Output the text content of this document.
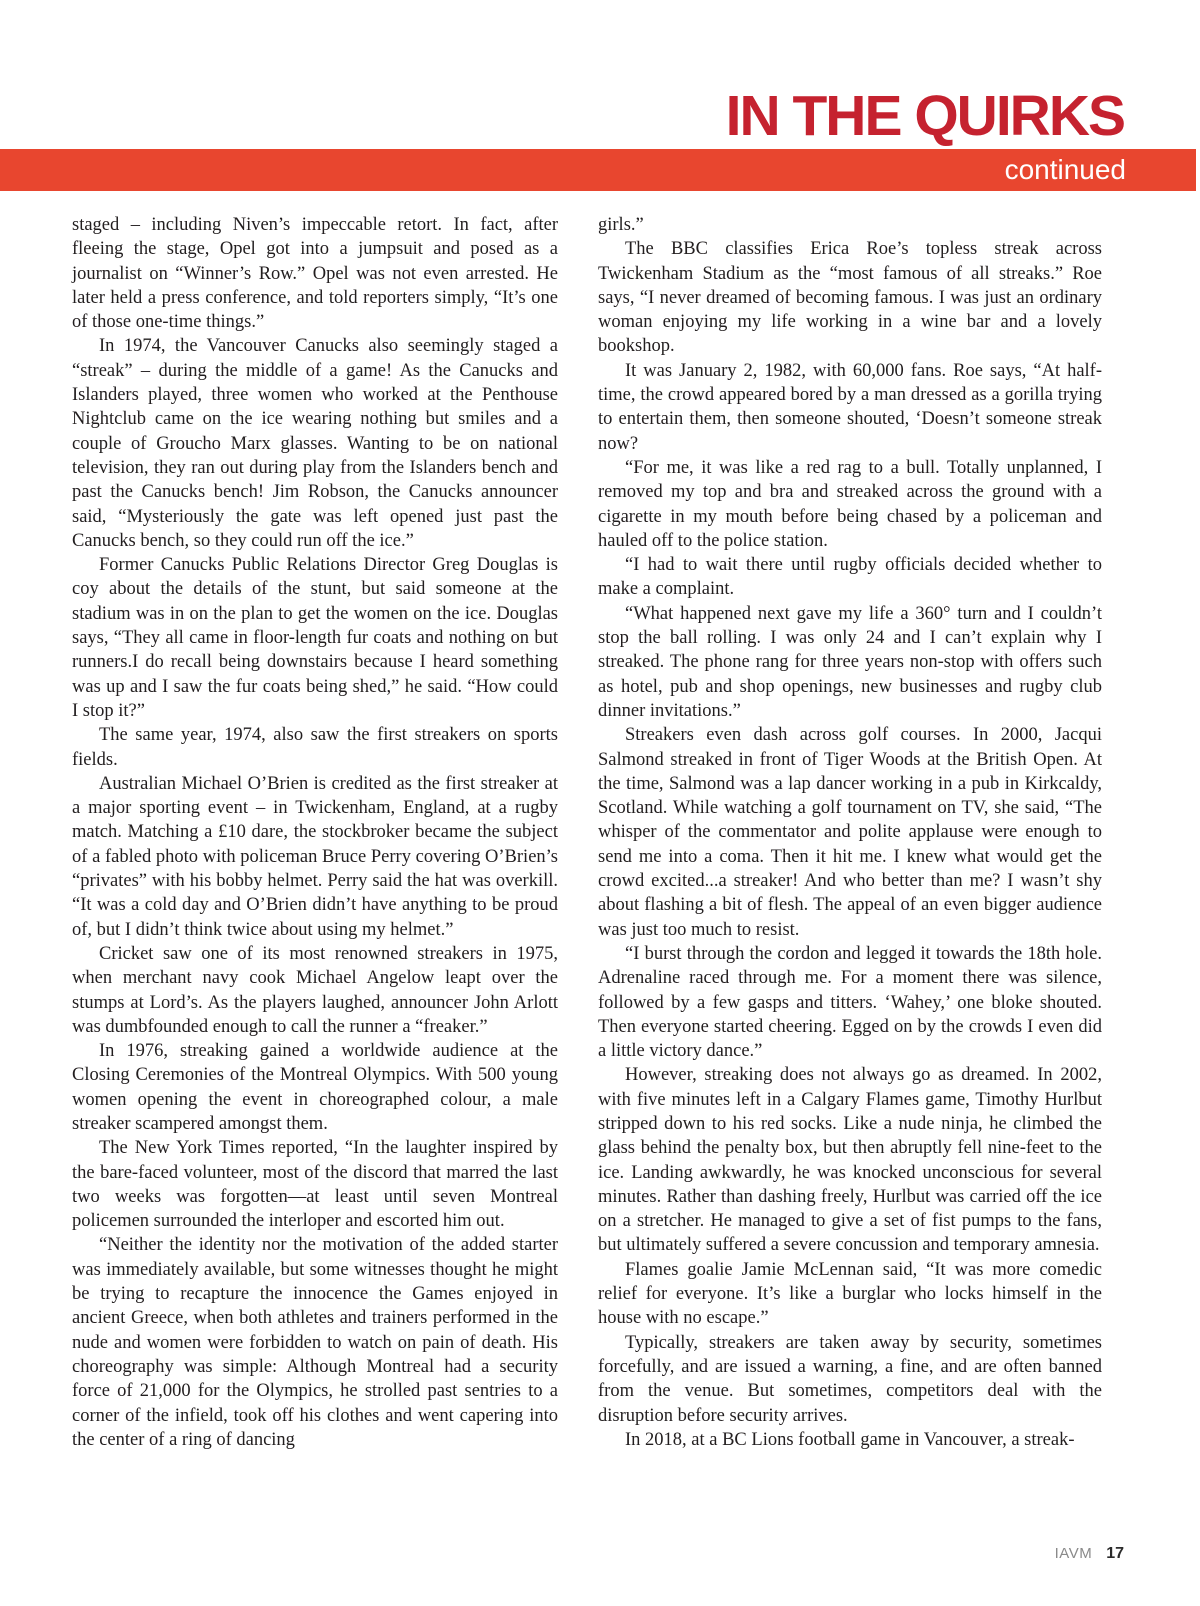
IN THE QUIRKS
continued

staged – including Niven’s impeccable retort. In fact, after fleeing the stage, Opel got into a jumpsuit and posed as a journalist on “Winner’s Row.” Opel was not even arrested. He later held a press conference, and told reporters simply, “It’s one of those one-time things.”

In 1974, the Vancouver Canucks also seemingly staged a “streak” – during the middle of a game! As the Canucks and Islanders played, three women who worked at the Penthouse Nightclub came on the ice wearing nothing but smiles and a couple of Groucho Marx glasses. Wanting to be on national television, they ran out during play from the Islanders bench and past the Canucks bench! Jim Robson, the Canucks announcer said, “Mysteriously the gate was left opened just past the Canucks bench, so they could run off the ice.”

Former Canucks Public Relations Director Greg Douglas is coy about the details of the stunt, but said someone at the stadium was in on the plan to get the women on the ice. Douglas says, “They all came in floor-length fur coats and nothing on but runners.I do recall being downstairs because I heard something was up and I saw the fur coats being shed,” he said. “How could I stop it?”

The same year, 1974, also saw the first streakers on sports fields.

Australian Michael O’Brien is credited as the first streaker at a major sporting event – in Twickenham, England, at a rugby match. Matching a £10 dare, the stockbroker became the subject of a fabled photo with policeman Bruce Perry covering O’Brien’s “privates” with his bobby helmet. Perry said the hat was overkill. “It was a cold day and O’Brien didn’t have anything to be proud of, but I didn’t think twice about using my helmet.”

Cricket saw one of its most renowned streakers in 1975, when merchant navy cook Michael Angelow leapt over the stumps at Lord’s. As the players laughed, announcer John Arlott was dumbfounded enough to call the runner a “freaker.”

In 1976, streaking gained a worldwide audience at the Closing Ceremonies of the Montreal Olympics. With 500 young women opening the event in choreographed colour, a male streaker scampered amongst them.

The New York Times reported, “In the laughter inspired by the bare-faced volunteer, most of the discord that marred the last two weeks was forgotten—at least until seven Montreal policemen surrounded the interloper and escorted him out.

“Neither the identity nor the motivation of the added starter was immediately available, but some witnesses thought he might be trying to recapture the innocence the Games enjoyed in ancient Greece, when both athletes and trainers performed in the nude and women were forbidden to watch on pain of death. His choreography was simple: Although Montreal had a security force of 21,000 for the Olympics, he strolled past sentries to a corner of the infield, took off his clothes and went capering into the center of a ring of dancing

girls.”

The BBC classifies Erica Roe’s topless streak across Twickenham Stadium as the “most famous of all streaks.” Roe says, “I never dreamed of becoming famous. I was just an ordinary woman enjoying my life working in a wine bar and a lovely bookshop.

It was January 2, 1982, with 60,000 fans. Roe says, “At half-time, the crowd appeared bored by a man dressed as a gorilla trying to entertain them, then someone shouted, ‘Doesn’t someone streak now?

“For me, it was like a red rag to a bull. Totally unplanned, I removed my top and bra and streaked across the ground with a cigarette in my mouth before being chased by a policeman and hauled off to the police station.

“I had to wait there until rugby officials decided whether to make a complaint.

“What happened next gave my life a 360° turn and I couldn’t stop the ball rolling. I was only 24 and I can’t explain why I streaked. The phone rang for three years non-stop with offers such as hotel, pub and shop openings, new businesses and rugby club dinner invitations.”

Streakers even dash across golf courses. In 2000, Jacqui Salmond streaked in front of Tiger Woods at the British Open. At the time, Salmond was a lap dancer working in a pub in Kirkcaldy, Scotland. While watching a golf tournament on TV, she said, “The whisper of the commentator and polite applause were enough to send me into a coma. Then it hit me. I knew what would get the crowd excited...a streaker! And who better than me? I wasn’t shy about flashing a bit of flesh. The appeal of an even bigger audience was just too much to resist.

“I burst through the cordon and legged it towards the 18th hole. Adrenaline raced through me. For a moment there was silence, followed by a few gasps and titters. ‘Wahey,’ one bloke shouted. Then everyone started cheering. Egged on by the crowds I even did a little victory dance.”

However, streaking does not always go as dreamed. In 2002, with five minutes left in a Calgary Flames game, Timothy Hurlbut stripped down to his red socks. Like a nude ninja, he climbed the glass behind the penalty box, but then abruptly fell nine-feet to the ice. Landing awkwardly, he was knocked unconscious for several minutes. Rather than dashing freely, Hurlbut was carried off the ice on a stretcher. He managed to give a set of fist pumps to the fans, but ultimately suffered a severe concussion and temporary amnesia.

Flames goalie Jamie McLennan said, “It was more comedic relief for everyone. It’s like a burglar who locks himself in the house with no escape.”

Typically, streakers are taken away by security, sometimes forcefully, and are issued a warning, a fine, and are often banned from the venue. But sometimes, competitors deal with the disruption before security arrives.

In 2018, at a BC Lions football game in Vancouver, a streak-

IAVM 17
